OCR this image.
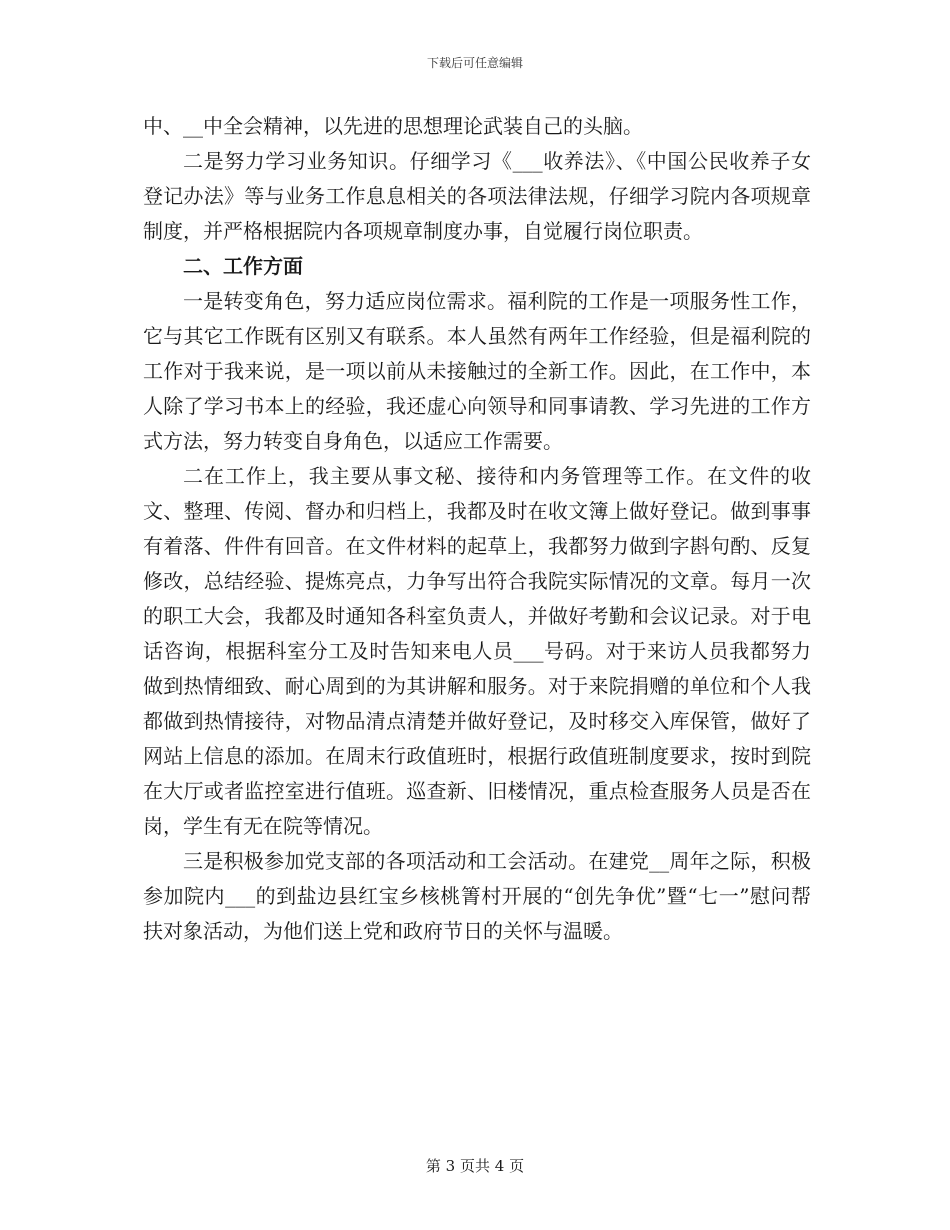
下载后可任意编辑

中、__中全会精神，以先进的思想理论武装自己的头脑。

二是努力学习业务知识。仔细学习《___收养法》、《中国公民收养子女登记办法》等与业务工作息息相关的各项法律法规，仔细学习院内各项规章制度，并严格根据院内各项规章制度办事，自觉履行岗位职责。

二、工作方面

一是转变角色，努力适应岗位需求。福利院的工作是一项服务性工作，它与其它工作既有区别又有联系。本人虽然有两年工作经验，但是福利院的工作对于我来说，是一项以前从未接触过的全新工作。因此，在工作中，本人除了学习书本上的经验，我还虚心向领导和同事请教、学习先进的工作方式方法，努力转变自身角色，以适应工作需要。

二在工作上，我主要从事文秘、接待和内务管理等工作。在文件的收文、整理、传阅、督办和归档上，我都及时在收文簿上做好登记。做到事事有着落、件件有回音。在文件材料的起草上，我都努力做到字斟句酌、反复修改，总结经验、提炼亮点，力争写出符合我院实际情况的文章。每月一次的职工大会，我都及时通知各科室负责人，并做好考勤和会议记录。对于电话咨询，根据科室分工及时告知来电人员___号码。对于来访人员我都努力做到热情细致、耐心周到的为其讲解和服务。对于来院捐赠的单位和个人我都做到热情接待，对物品清点清楚并做好登记，及时移交入库保管，做好了网站上信息的添加。在周末行政值班时，根据行政值班制度要求，按时到院在大厅或者监控室进行值班。巡查新、旧楼情况，重点检查服务人员是否在岗，学生有无在院等情况。

三是积极参加党支部的各项活动和工会活动。在建党__周年之际，积极参加院内___的到盐边县红宝乡核桃箐村开展的“创先争优”暨“七一”慰问帮扶对象活动，为他们送上党和政府节日的关怀与温暖。

第 3 页共 4 页
